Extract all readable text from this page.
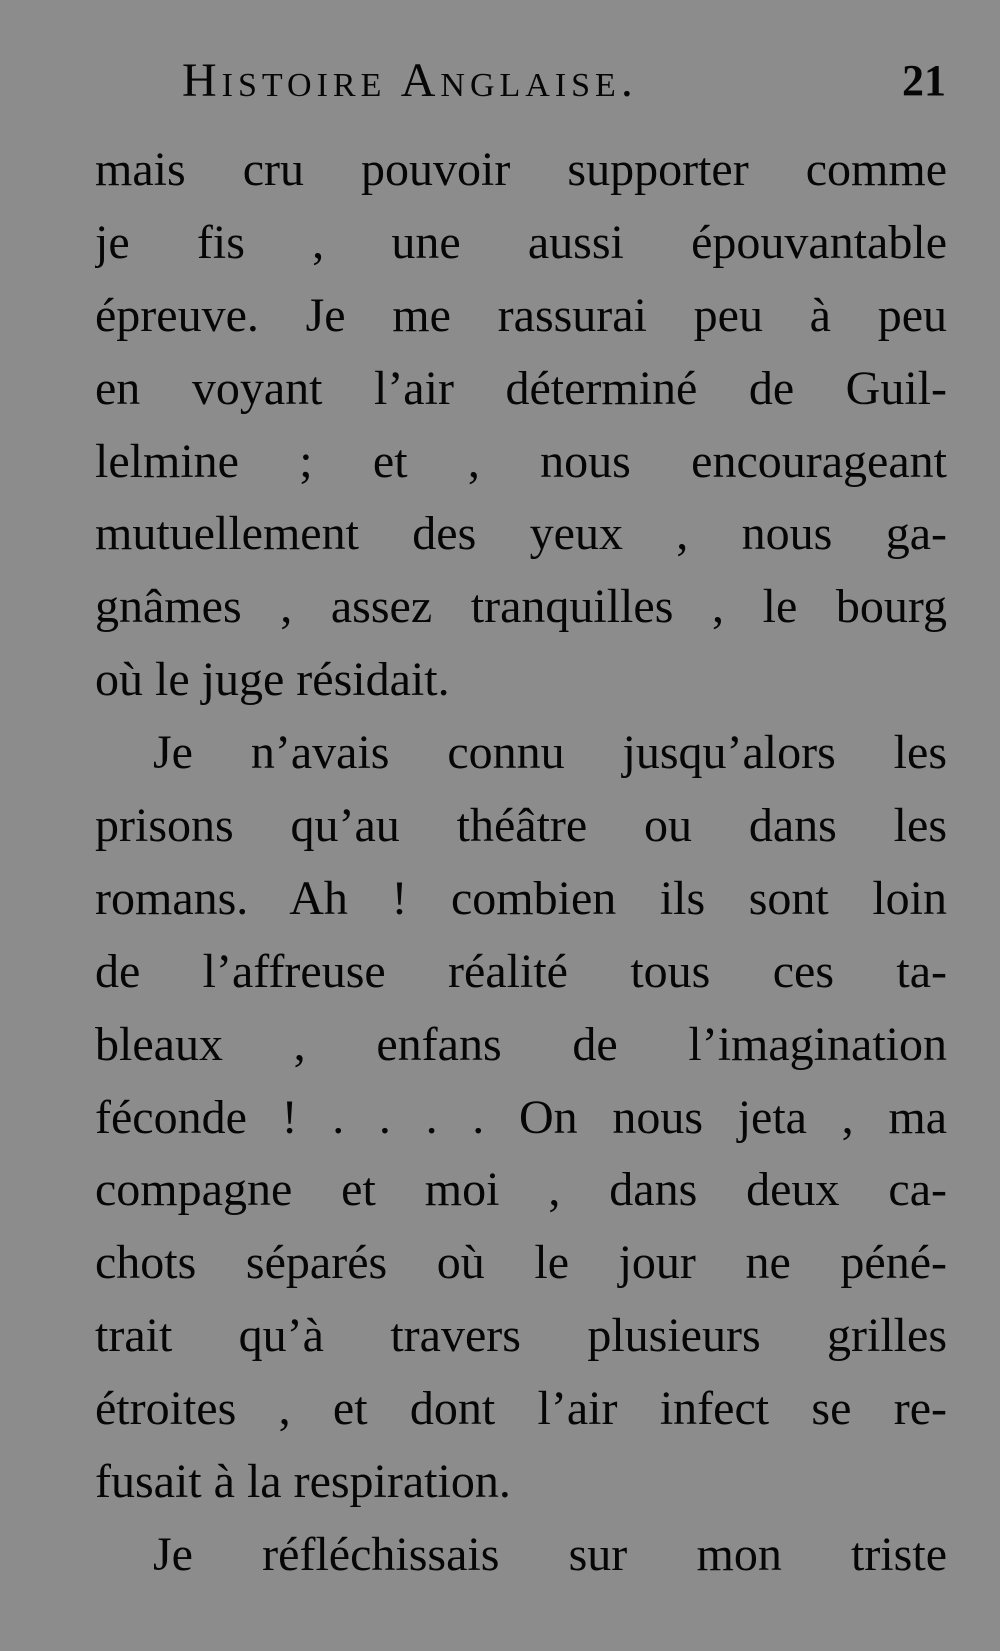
Histoire Anglaise.	21
mais cru pouvoir supporter comme
je fis , une aussi épouvantable
épreuve. Je me rassurai peu à peu
en voyant l’air déterminé de Guil-
lelmine ; et , nous encourageant
mutuellement des yeux , nous ga-
gnâmes , assez tranquilles , le bourg
où le juge résidait.
Je n’avais connu jusqu’alors les
prisons qu’au théâtre ou dans les
romans. Ah ! combien ils sont loin
de l’affreuse réalité tous ces ta-
bleaux , enfans de l’imagination
féconde ! . . . . On nous jeta , ma
compagne et moi , dans deux ca-
chots séparés où le jour ne péné-
trait qu’à travers plusieurs grilles
étroites , et dont l’air infect se re-
fusait à la respiration.
Je réfléchissais sur mon triste
